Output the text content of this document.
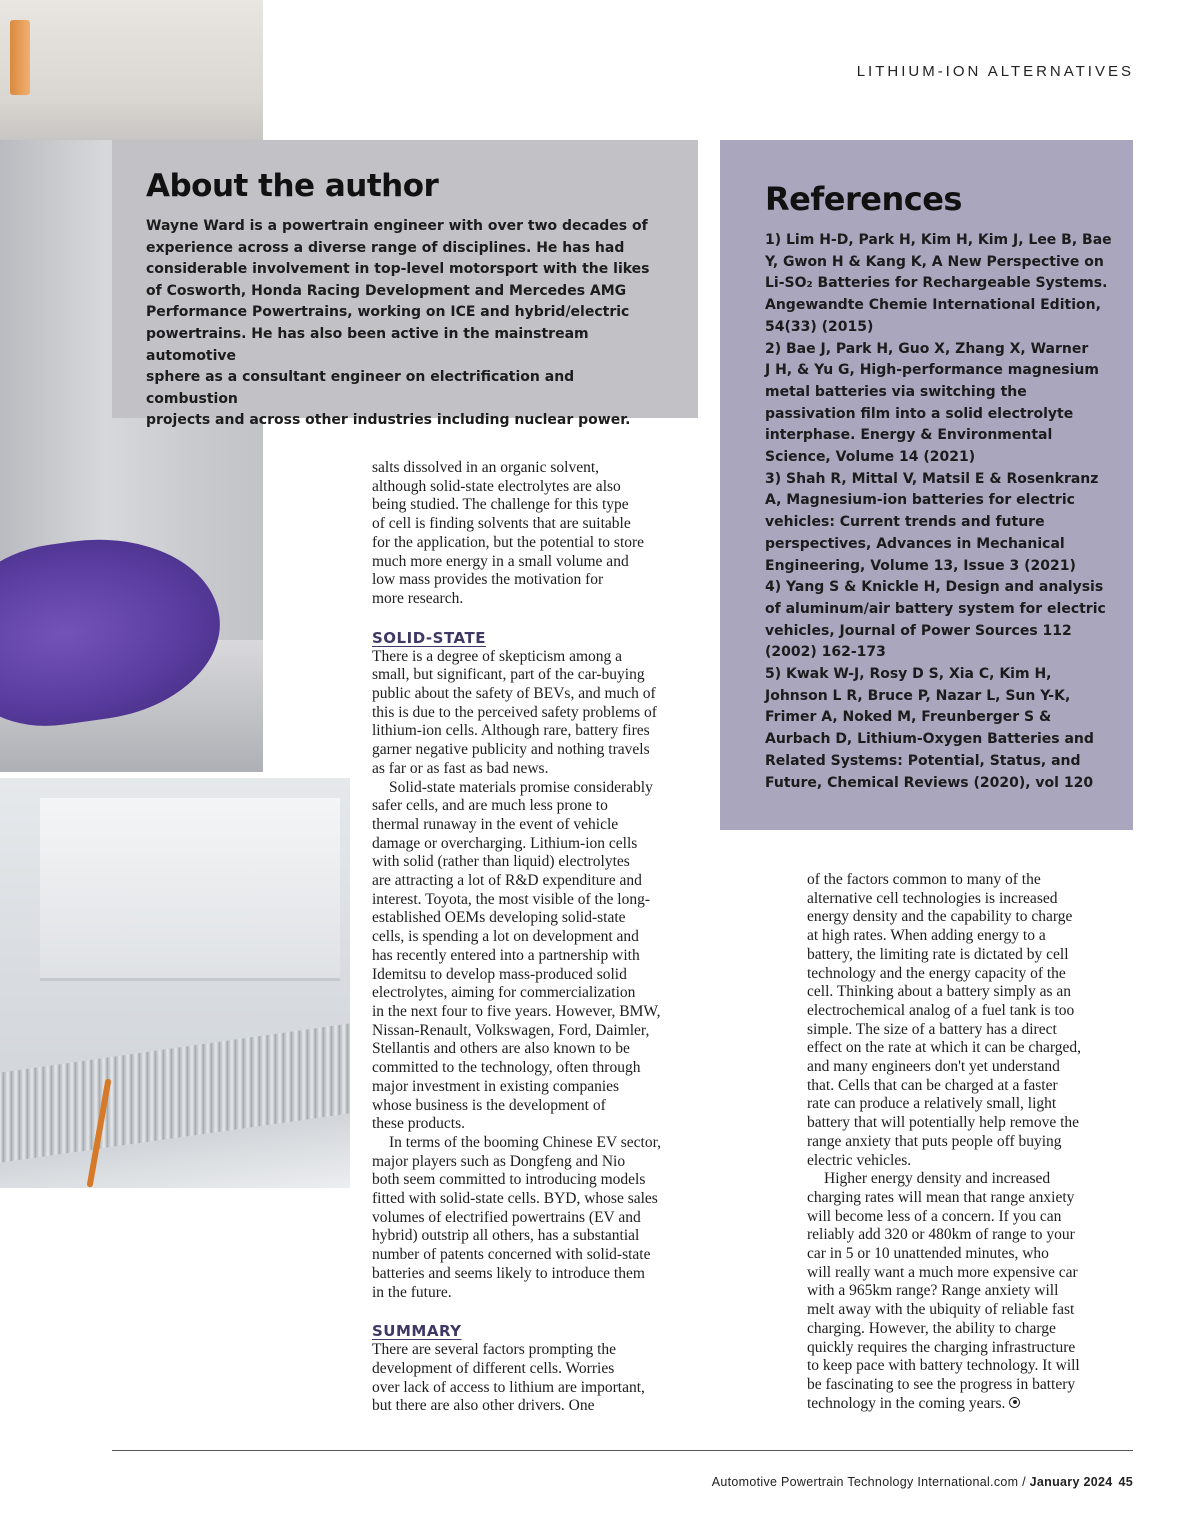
LITHIUM-ION ALTERNATIVES

About the author

Wayne Ward is a powertrain engineer with over two decades of
experience across a diverse range of disciplines. He has had
considerable involvement in top-level motorsport with the likes
of Cosworth, Honda Racing Development and Mercedes AMG
Performance Powertrains, working on ICE and hybrid/electric
powertrains. He has also been active in the mainstream automotive
sphere as a consultant engineer on electrification and combustion
projects and across other industries including nuclear power.

References

1) Lim H-D, Park H, Kim H, Kim J, Lee B, Bae
Y, Gwon H & Kang K, A New Perspective on
Li-SO₂ Batteries for Rechargeable Systems.
Angewandte Chemie International Edition,
54(33) (2015)
2) Bae J, Park H, Guo X, Zhang X, Warner
J H, & Yu G, High-performance magnesium
metal batteries via switching the
passivation film into a solid electrolyte
interphase. Energy & Environmental
Science, Volume 14 (2021)
3) Shah R, Mittal V, Matsil E & Rosenkranz
A, Magnesium-ion batteries for electric
vehicles: Current trends and future
perspectives, Advances in Mechanical
Engineering, Volume 13, Issue 3 (2021)
4) Yang S & Knickle H, Design and analysis
of aluminum/air battery system for electric
vehicles, Journal of Power Sources 112
(2002) 162-173
5) Kwak W-J, Rosy D S, Xia C, Kim H,
Johnson L R, Bruce P, Nazar L, Sun Y-K,
Frimer A, Noked M, Freunberger S &
Aurbach D, Lithium-Oxygen Batteries and
Related Systems: Potential, Status, and
Future, Chemical Reviews (2020), vol 120

salts dissolved in an organic solvent,
although solid-state electrolytes are also
being studied. The challenge for this type
of cell is finding solvents that are suitable
for the application, but the potential to store
much more energy in a small volume and
low mass provides the motivation for
more research.

SOLID-STATE

There is a degree of skepticism among a
small, but significant, part of the car-buying
public about the safety of BEVs, and much of
this is due to the perceived safety problems of
lithium-ion cells. Although rare, battery fires
garner negative publicity and nothing travels
as far or as fast as bad news.

Solid-state materials promise considerably
safer cells, and are much less prone to
thermal runaway in the event of vehicle
damage or overcharging. Lithium-ion cells
with solid (rather than liquid) electrolytes
are attracting a lot of R&D expenditure and
interest. Toyota, the most visible of the long-
established OEMs developing solid-state
cells, is spending a lot on development and
has recently entered into a partnership with
Idemitsu to develop mass-produced solid
electrolytes, aiming for commercialization
in the next four to five years. However, BMW,
Nissan-Renault, Volkswagen, Ford, Daimler,
Stellantis and others are also known to be
committed to the technology, often through
major investment in existing companies
whose business is the development of
these products.

In terms of the booming Chinese EV sector,
major players such as Dongfeng and Nio
both seem committed to introducing models
fitted with solid-state cells. BYD, whose sales
volumes of electrified powertrains (EV and
hybrid) outstrip all others, has a substantial
number of patents concerned with solid-state
batteries and seems likely to introduce them
in the future.

SUMMARY

There are several factors prompting the
development of different cells. Worries
over lack of access to lithium are important,
but there are also other drivers. One

of the factors common to many of the
alternative cell technologies is increased
energy density and the capability to charge
at high rates. When adding energy to a
battery, the limiting rate is dictated by cell
technology and the energy capacity of the
cell. Thinking about a battery simply as an
electrochemical analog of a fuel tank is too
simple. The size of a battery has a direct
effect on the rate at which it can be charged,
and many engineers don't yet understand
that. Cells that can be charged at a faster
rate can produce a relatively small, light
battery that will potentially help remove the
range anxiety that puts people off buying
electric vehicles.

Higher energy density and increased
charging rates will mean that range anxiety
will become less of a concern. If you can
reliably add 320 or 480km of range to your
car in 5 or 10 unattended minutes, who
will really want a much more expensive car
with a 965km range? Range anxiety will
melt away with the ubiquity of reliable fast
charging. However, the ability to charge
quickly requires the charging infrastructure
to keep pace with battery technology. It will
be fascinating to see the progress in battery
technology in the coming years.

Automotive Powertrain Technology International.com / January 2024 45
